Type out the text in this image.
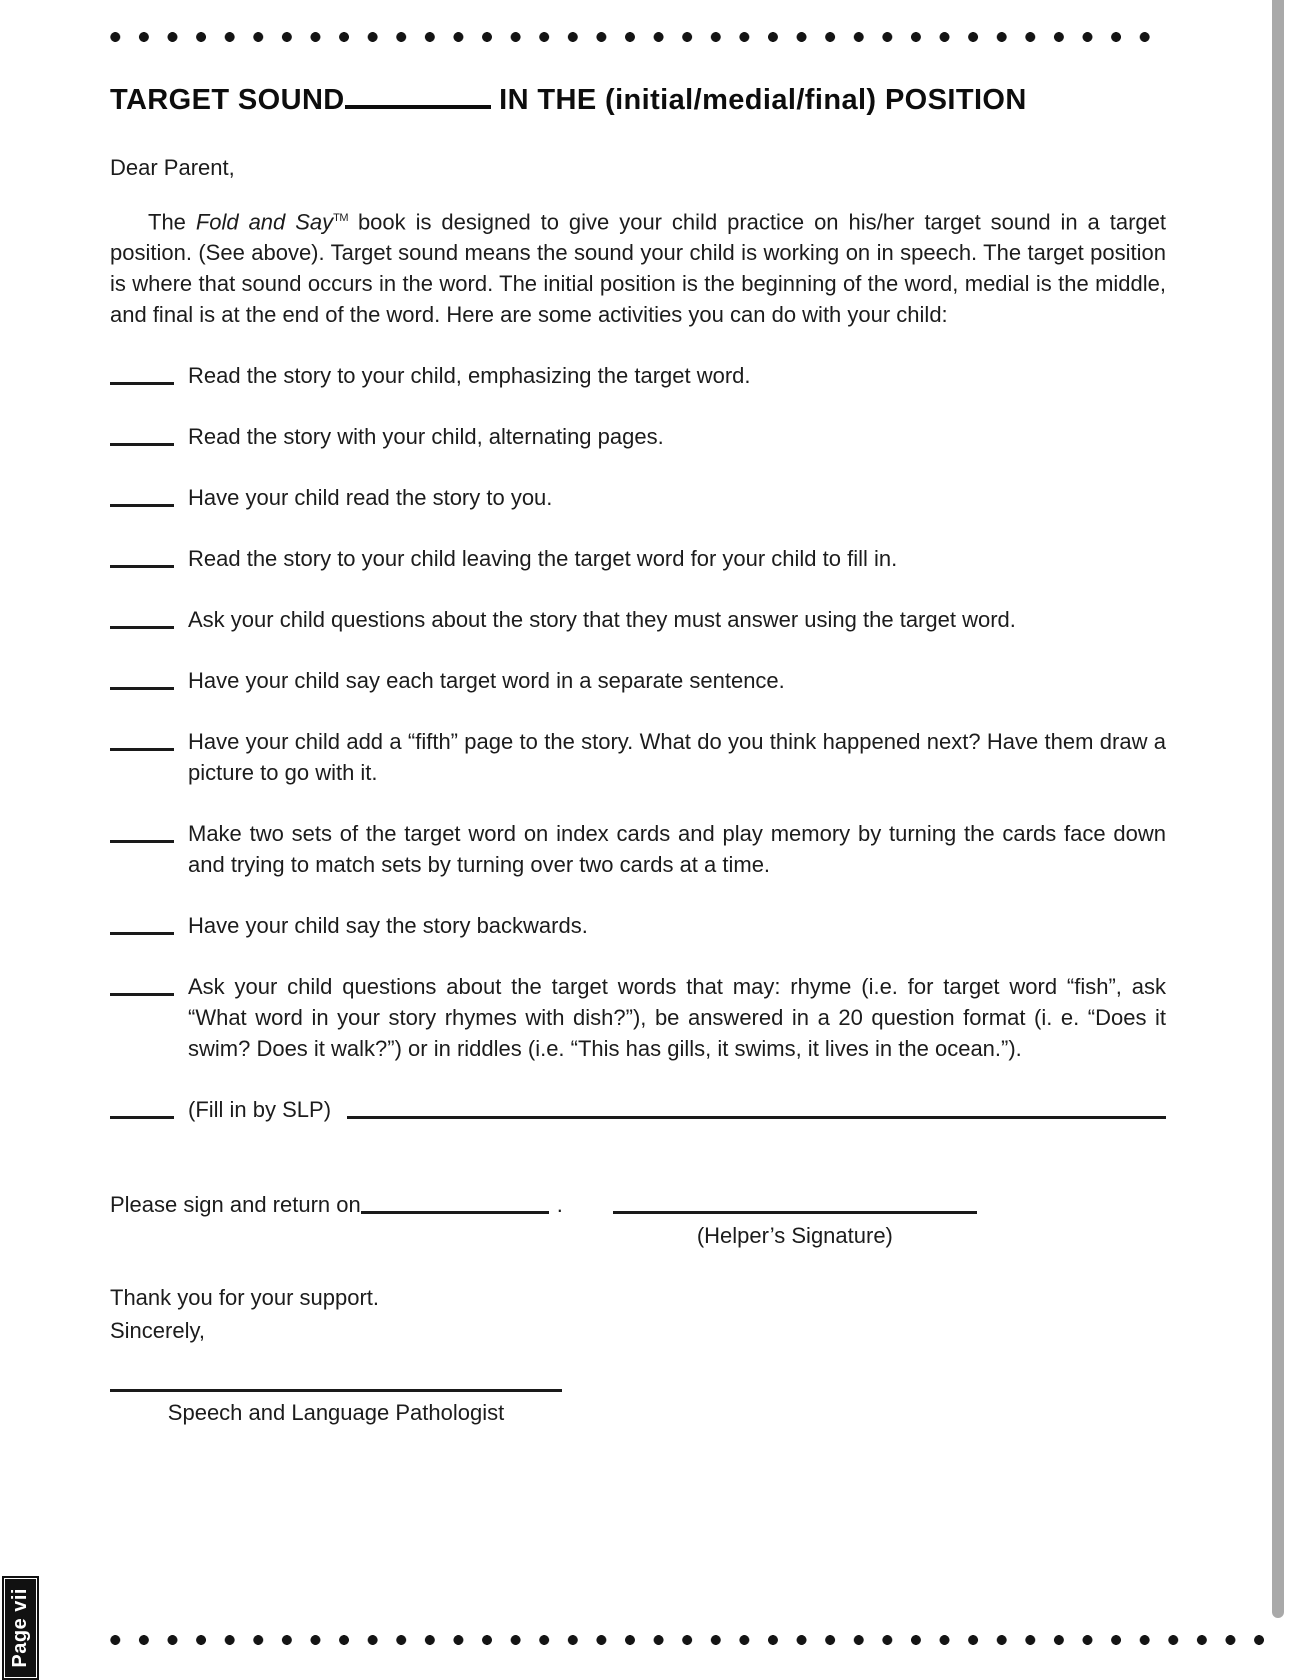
TARGET SOUND	IN THE (initial/medial/final) POSITION
Dear Parent,

The Fold and Say™ book is designed to give your child practice on his/her target sound in a target position. (See above). Target sound means the sound your child is working on in speech. The target position is where that sound occurs in the word. The initial position is the beginning of the word, medial is the middle, and final is at the end of the word. Here are some activities you can do with your child:

Read the story to your child, emphasizing the target word.
Read the story with your child, alternating pages.
Have your child read the story to you.
Read the story to your child leaving the target word for your child to fill in.
Ask your child questions about the story that they must answer using the target word.
Have your child say each target word in a separate sentence.
Have your child add a “fifth” page to the story. What do you think happened next? Have them draw a picture to go with it.
Make two sets of the target word on index cards and play memory by turning the cards face down and trying to match sets by turning over two cards at a time.
Have your child say the story backwards.
Ask your child questions about the target words that may: rhyme (i.e. for target word “fish”, ask “What word in your story rhymes with dish?”), be answered in a 20 question format (i. e. “Does it swim? Does it walk?”) or in riddles (i.e. “This has gills, it swims, it lives in the ocean.”).
(Fill in by SLP)
Please sign and return on	.
(Helper’s Signature)
Thank you for your support.
Sincerely,
Speech and Language Pathologist
Page vii
